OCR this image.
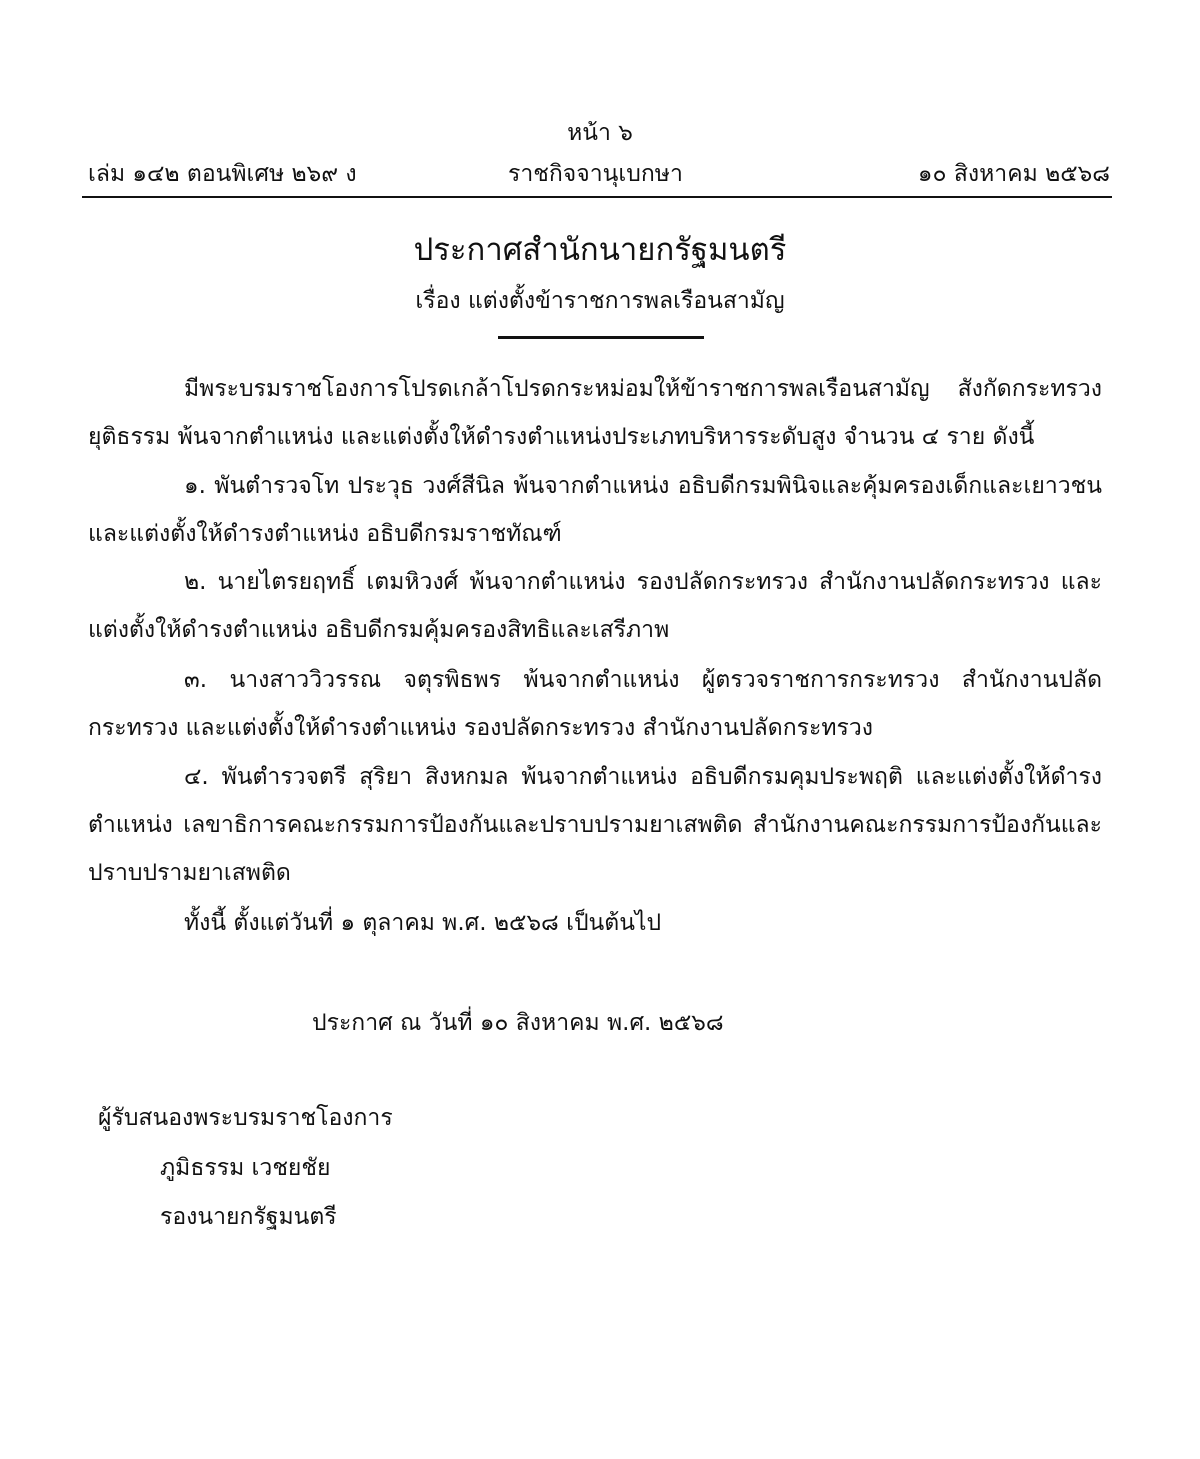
หน้า ๖
เล่ม ๑๔๒ ตอนพิเศษ ๒๖๙ ง	ราชกิจจานุเบกษา	๑๐ สิงหาคม ๒๕๖๘
ประกาศสำนักนายกรัฐมนตรี
เรื่อง แต่งตั้งข้าราชการพลเรือนสามัญ
มีพระบรมราชโองการโปรดเกล้าโปรดกระหม่อมให้ข้าราชการพลเรือนสามัญ สังกัดกระทรวงยุติธรรม พ้นจากตำแหน่ง และแต่งตั้งให้ดำรงตำแหน่งประเภทบริหารระดับสูง จำนวน ๔ ราย ดังนี้
๑. พันตำรวจโท ประวุธ วงศ์สีนิล พ้นจากตำแหน่ง อธิบดีกรมพินิจและคุ้มครองเด็กและเยาวชน และแต่งตั้งให้ดำรงตำแหน่ง อธิบดีกรมราชทัณฑ์
๒. นายไตรยฤทธิ์ เตมหิวงศ์ พ้นจากตำแหน่ง รองปลัดกระทรวง สำนักงานปลัดกระทรวง และแต่งตั้งให้ดำรงตำแหน่ง อธิบดีกรมคุ้มครองสิทธิและเสรีภาพ
๓. นางสาววิวรรณ จตุรพิธพร พ้นจากตำแหน่ง ผู้ตรวจราชการกระทรวง สำนักงานปลัดกระทรวง และแต่งตั้งให้ดำรงตำแหน่ง รองปลัดกระทรวง สำนักงานปลัดกระทรวง
๔. พันตำรวจตรี สุริยา สิงหกมล พ้นจากตำแหน่ง อธิบดีกรมคุมประพฤติ และแต่งตั้งให้ดำรงตำแหน่ง เลขาธิการคณะกรรมการป้องกันและปราบปรามยาเสพติด สำนักงานคณะกรรมการป้องกันและปราบปรามยาเสพติด
ทั้งนี้ ตั้งแต่วันที่ ๑ ตุลาคม พ.ศ. ๒๕๖๘ เป็นต้นไป
ประกาศ ณ วันที่ ๑๐ สิงหาคม พ.ศ. ๒๕๖๘
ผู้รับสนองพระบรมราชโองการ
ภูมิธรรม เวชยชัย
รองนายกรัฐมนตรี
